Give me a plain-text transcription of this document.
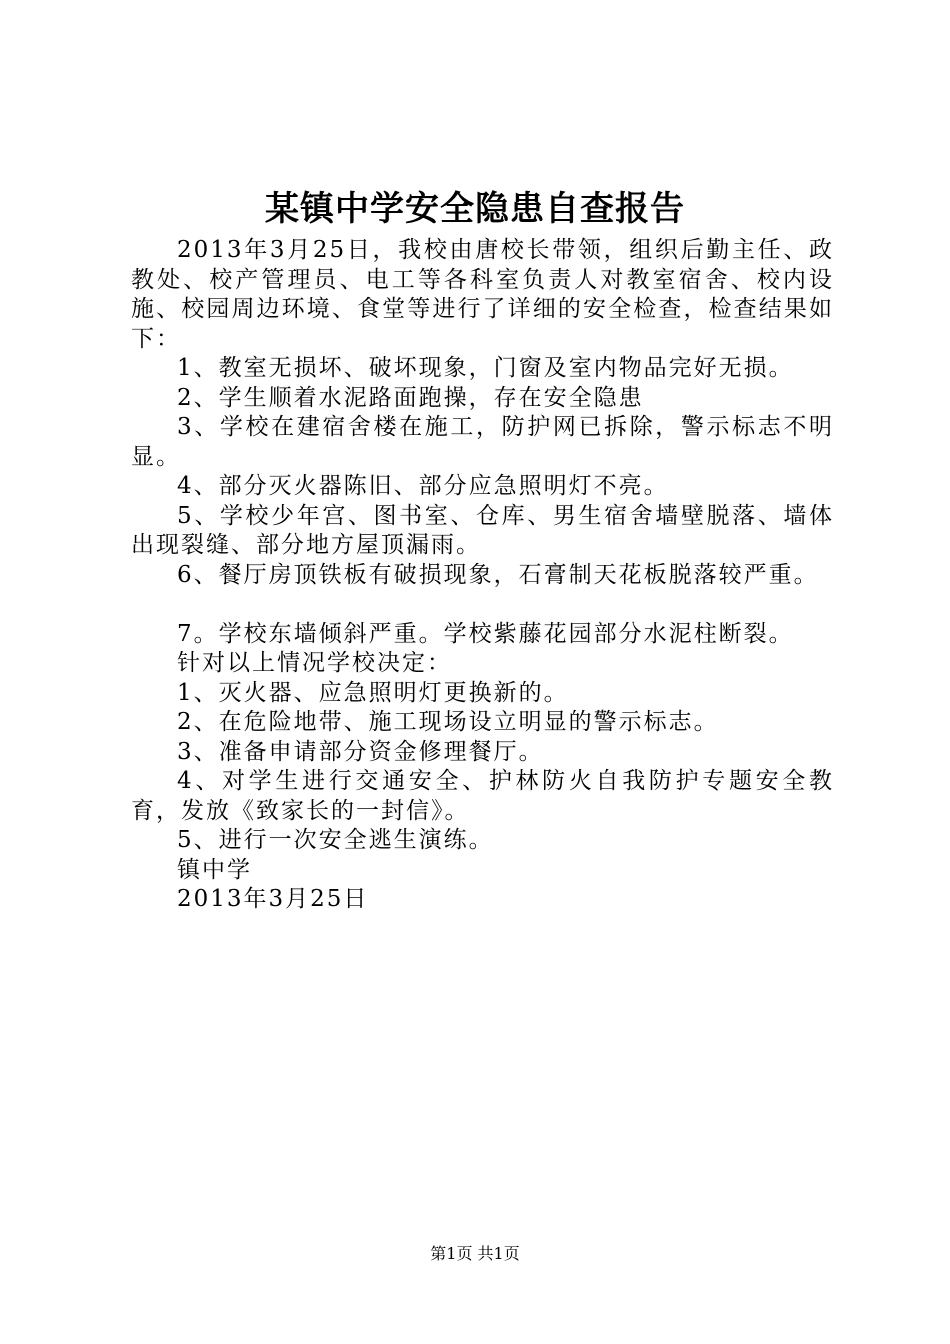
某镇中学安全隐患自查报告

2013年3月25日，我校由唐校长带领，组织后勤主任、政教处、校产管理员、电工等各科室负责人对教室宿舍、校内设施、校园周边环境、食堂等进行了详细的安全检查，检查结果如下：

1、教室无损坏、破坏现象，门窗及室内物品完好无损。

2、学生顺着水泥路面跑操，存在安全隐患

3、学校在建宿舍楼在施工，防护网已拆除，警示标志不明显。

4、部分灭火器陈旧、部分应急照明灯不亮。

5、学校少年宫、图书室、仓库、男生宿舍墙壁脱落、墙体出现裂缝、部分地方屋顶漏雨。

6、餐厅房顶铁板有破损现象，石膏制天花板脱落较严重。

7。学校东墙倾斜严重。学校紫藤花园部分水泥柱断裂。

针对以上情况学校决定：

1、灭火器、应急照明灯更换新的。

2、在危险地带、施工现场设立明显的警示标志。

3、准备申请部分资金修理餐厅。

4、对学生进行交通安全、护林防火自我防护专题安全教育，发放《致家长的一封信》。

5、进行一次安全逃生演练。

镇中学

2013年3月25日

第1页 共1页
